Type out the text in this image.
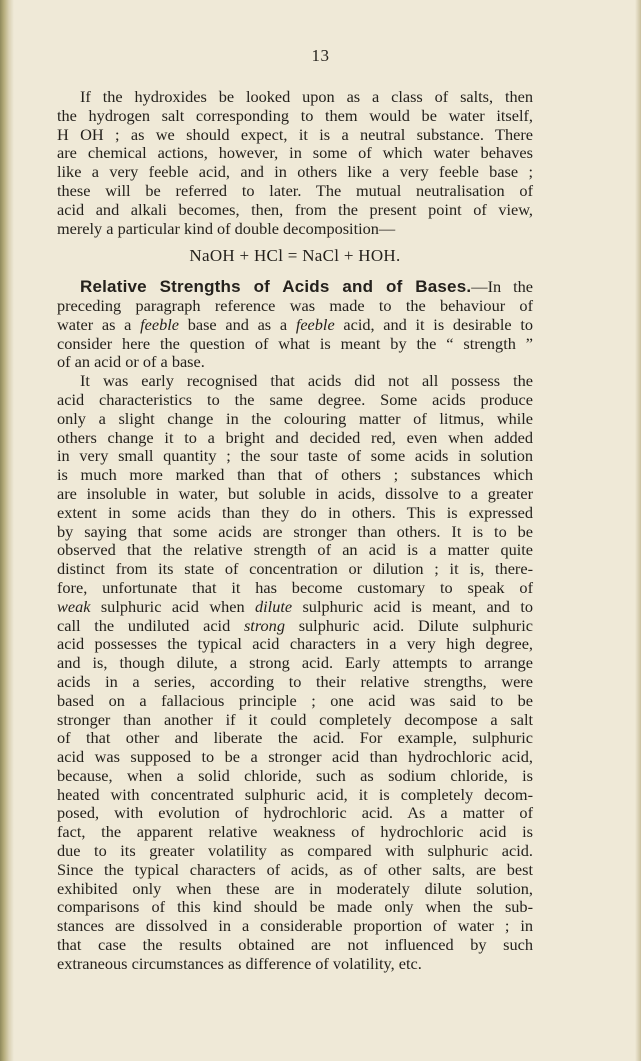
13
If the hydroxides be looked upon as a class of salts, then
the hydrogen salt corresponding to them would be water itself,
H OH ; as we should expect, it is a neutral substance. There
are chemical actions, however, in some of which water behaves
like a very feeble acid, and in others like a very feeble base ;
these will be referred to later. The mutual neutralisation of
acid and alkali becomes, then, from the present point of view,
merely a particular kind of double decomposition—
NaOH + HCl = NaCl + HOH.
Relative Strengths of Acids and of Bases.—In the
preceding paragraph reference was made to the behaviour of
water as a feeble base and as a feeble acid, and it is desirable to
consider here the question of what is meant by the “ strength ”
of an acid or of a base.
It was early recognised that acids did not all possess the
acid characteristics to the same degree. Some acids produce
only a slight change in the colouring matter of litmus, while
others change it to a bright and decided red, even when added
in very small quantity ; the sour taste of some acids in solution
is much more marked than that of others ; substances which
are insoluble in water, but soluble in acids, dissolve to a greater
extent in some acids than they do in others. This is expressed
by saying that some acids are stronger than others. It is to be
observed that the relative strength of an acid is a matter quite
distinct from its state of concentration or dilution ; it is, there-
fore, unfortunate that it has become customary to speak of
weak sulphuric acid when dilute sulphuric acid is meant, and to
call the undiluted acid strong sulphuric acid. Dilute sulphuric
acid possesses the typical acid characters in a very high degree,
and is, though dilute, a strong acid. Early attempts to arrange
acids in a series, according to their relative strengths, were
based on a fallacious principle ; one acid was said to be
stronger than another if it could completely decompose a salt
of that other and liberate the acid. For example, sulphuric
acid was supposed to be a stronger acid than hydrochloric acid,
because, when a solid chloride, such as sodium chloride, is
heated with concentrated sulphuric acid, it is completely decom-
posed, with evolution of hydrochloric acid. As a matter of
fact, the apparent relative weakness of hydrochloric acid is
due to its greater volatility as compared with sulphuric acid.
Since the typical characters of acids, as of other salts, are best
exhibited only when these are in moderately dilute solution,
comparisons of this kind should be made only when the sub-
stances are dissolved in a considerable proportion of water ; in
that case the results obtained are not influenced by such
extraneous circumstances as difference of volatility, etc.
